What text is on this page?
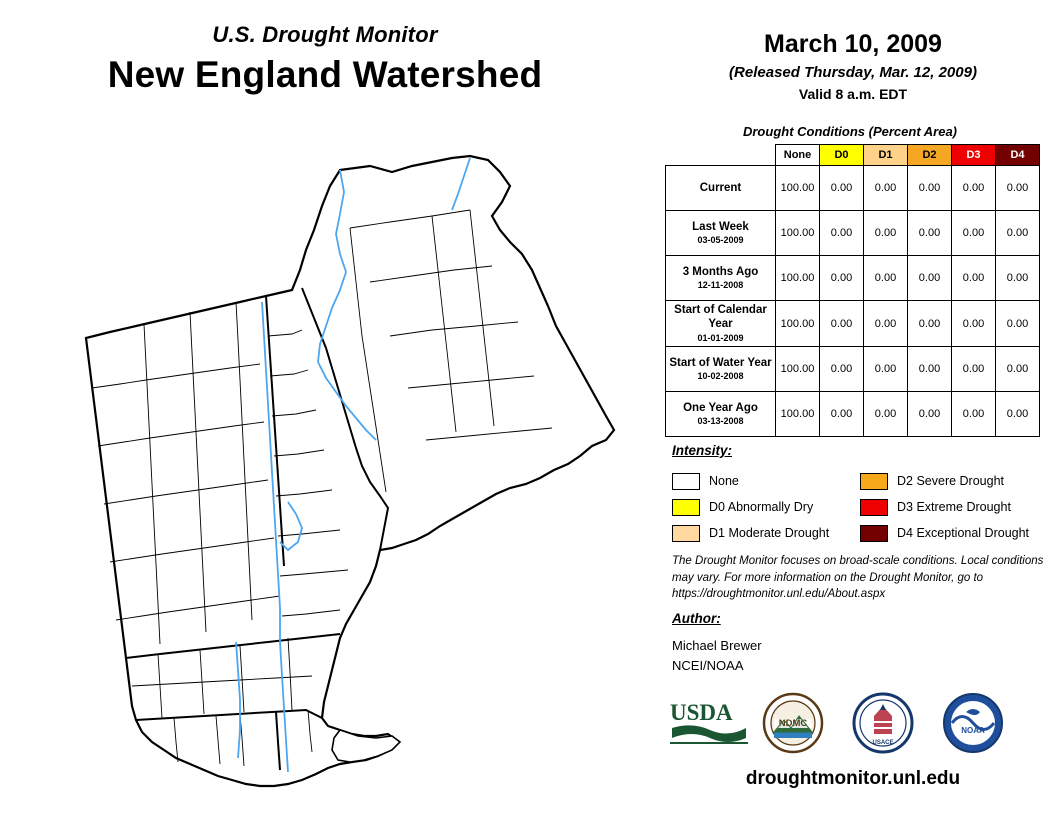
U.S. Drought Monitor
New England Watershed
March 10, 2009
(Released Thursday, Mar. 12, 2009)
Valid 8 a.m. EDT
Drought Conditions (Percent Area)
	None	D0	D1	D2	D3	D4
Current	100.00	0.00	0.00	0.00	0.00	0.00
Last Week
03-05-2009	100.00	0.00	0.00	0.00	0.00	0.00
3 Months Ago
12-11-2008	100.00	0.00	0.00	0.00	0.00	0.00
Start of Calendar Year
01-01-2009	100.00	0.00	0.00	0.00	0.00	0.00
Start of Water Year
10-02-2008	100.00	0.00	0.00	0.00	0.00	0.00
One Year Ago
03-13-2008	100.00	0.00	0.00	0.00	0.00	0.00
Intensity:
None
D0 Abnormally Dry
D1 Moderate Drought
D2 Severe Drought
D3 Extreme Drought
D4 Exceptional Drought
The Drought Monitor focuses on broad-scale conditions. Local conditions may vary. For more information on the Drought Monitor, go to https://droughtmonitor.unl.edu/About.aspx
Author:
Michael Brewer
NCEI/NOAA
USDA	NDMC
USACE
NOAA
droughtmonitor.unl.edu
